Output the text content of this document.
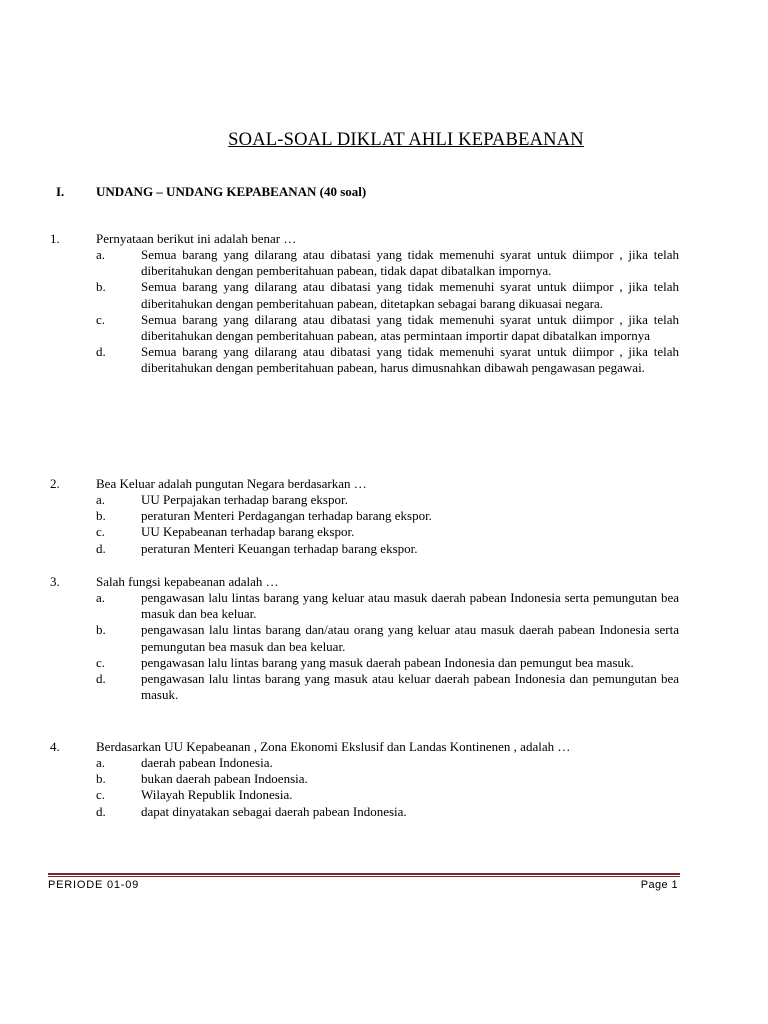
SOAL-SOAL DIKLAT AHLI KEPABEANAN
I. UNDANG – UNDANG KEPABEANAN (40 soal)
1.	Pernyataan berikut ini adalah benar …
a.	Semua barang yang dilarang atau dibatasi yang tidak memenuhi syarat untuk diimpor , jika telah diberitahukan dengan pemberitahuan pabean, tidak dapat dibatalkan impornya.
b.	Semua barang yang dilarang atau dibatasi yang tidak memenuhi syarat untuk diimpor , jika telah diberitahukan dengan pemberitahuan pabean, ditetapkan sebagai barang dikuasai negara.
c.	Semua barang yang dilarang atau dibatasi yang tidak memenuhi syarat untuk diimpor , jika telah diberitahukan dengan pemberitahuan pabean, atas permintaan importir dapat dibatalkan impornya
d.	Semua barang yang dilarang atau dibatasi yang tidak memenuhi syarat untuk diimpor , jika telah diberitahukan dengan pemberitahuan pabean, harus dimusnahkan dibawah pengawasan pegawai.
2.	Bea Keluar adalah pungutan Negara berdasarkan …
a.	UU Perpajakan terhadap barang ekspor.
b.	peraturan Menteri Perdagangan terhadap barang ekspor.
c.	UU Kepabeanan terhadap barang ekspor.
d.	peraturan Menteri Keuangan terhadap barang ekspor.
3.	Salah fungsi kepabeanan adalah …
a.	pengawasan lalu lintas barang yang keluar atau masuk daerah pabean Indonesia serta pemungutan bea masuk dan bea keluar.
b.	pengawasan lalu lintas barang dan/atau orang yang keluar atau masuk daerah pabean Indonesia serta pemungutan bea masuk dan bea keluar.
c.	pengawasan lalu lintas barang yang masuk daerah pabean Indonesia dan pemungut bea masuk.
d.	pengawasan lalu lintas barang yang masuk atau keluar daerah pabean Indonesia dan pemungutan bea masuk.
4.	Berdasarkan UU Kepabeanan , Zona Ekonomi Ekslusif dan Landas Kontinenen , adalah …
a.	daerah pabean Indonesia.
b.	bukan daerah pabean Indoensia.
c.	Wilayah Republik Indonesia.
d.	dapat dinyatakan sebagai daerah pabean Indonesia.
PERIODE 01-09	Page 1
